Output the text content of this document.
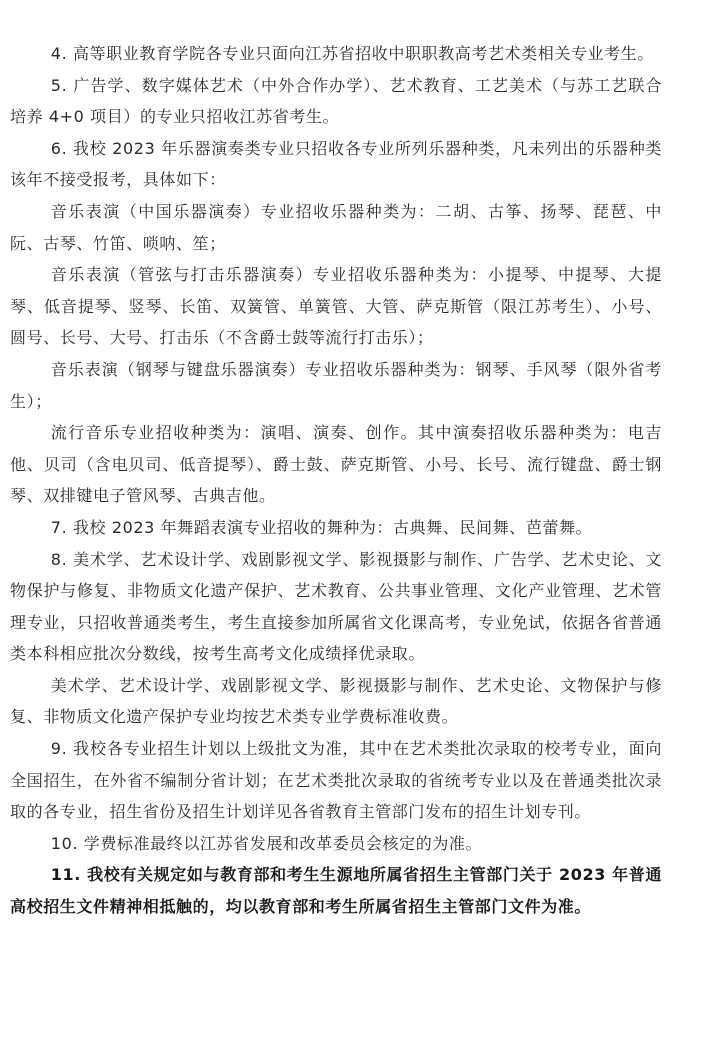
4. 高等职业教育学院各专业只面向江苏省招收中职职教高考艺术类相关专业考生。

5. 广告学、数字媒体艺术（中外合作办学）、艺术教育、工艺美术（与苏工艺联合培养 4+0 项目）的专业只招收江苏省考生。

6. 我校 2023 年乐器演奏类专业只招收各专业所列乐器种类，凡未列出的乐器种类该年不接受报考，具体如下：

音乐表演（中国乐器演奏）专业招收乐器种类为：二胡、古筝、扬琴、琵琶、中阮、古琴、竹笛、唢呐、笙；

音乐表演（管弦与打击乐器演奏）专业招收乐器种类为：小提琴、中提琴、大提琴、低音提琴、竖琴、长笛、双簧管、单簧管、大管、萨克斯管（限江苏考生）、小号、圆号、长号、大号、打击乐（不含爵士鼓等流行打击乐）；

音乐表演（钢琴与键盘乐器演奏）专业招收乐器种类为：钢琴、手风琴（限外省考生）；

流行音乐专业招收种类为：演唱、演奏、创作。其中演奏招收乐器种类为：电吉他、贝司（含电贝司、低音提琴）、爵士鼓、萨克斯管、小号、长号、流行键盘、爵士钢琴、双排键电子管风琴、古典吉他。

7. 我校 2023 年舞蹈表演专业招收的舞种为：古典舞、民间舞、芭蕾舞。

8. 美术学、艺术设计学、戏剧影视文学、影视摄影与制作、广告学、艺术史论、文物保护与修复、非物质文化遗产保护、艺术教育、公共事业管理、文化产业管理、艺术管理专业，只招收普通类考生，考生直接参加所属省文化课高考，专业免试，依据各省普通类本科相应批次分数线，按考生高考文化成绩择优录取。

美术学、艺术设计学、戏剧影视文学、影视摄影与制作、艺术史论、文物保护与修复、非物质文化遗产保护专业均按艺术类专业学费标准收费。

9. 我校各专业招生计划以上级批文为准，其中在艺术类批次录取的校考专业，面向全国招生，在外省不编制分省计划；在艺术类批次录取的省统考专业以及在普通类批次录取的各专业，招生省份及招生计划详见各省教育主管部门发布的招生计划专刊。

10. 学费标准最终以江苏省发展和改革委员会核定的为准。

11. 我校有关规定如与教育部和考生生源地所属省招生主管部门关于 2023 年普通高校招生文件精神相抵触的，均以教育部和考生所属省招生主管部门文件为准。
